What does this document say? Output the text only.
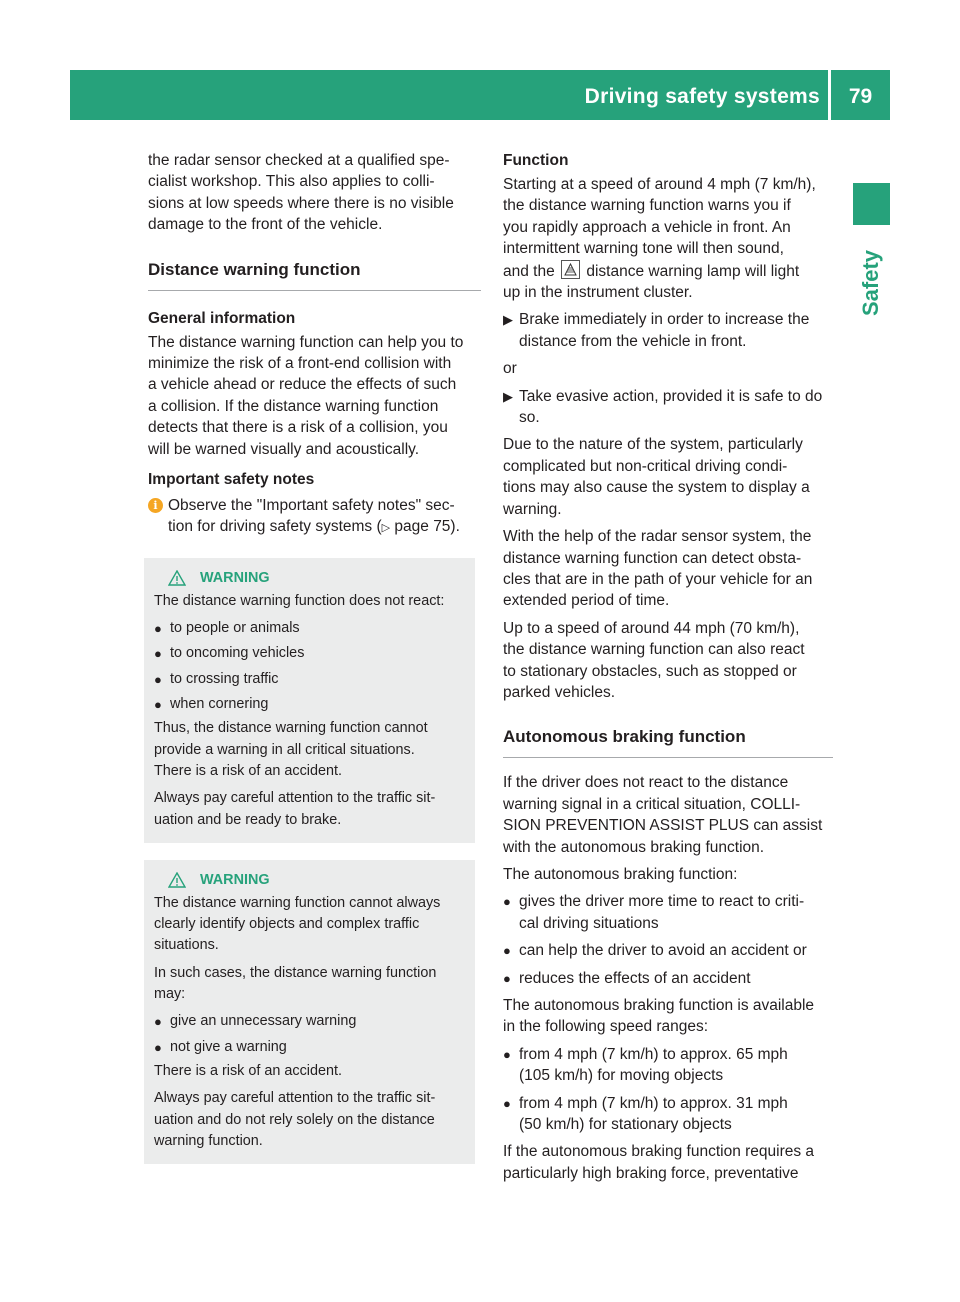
Driving safety systems	79
Safety

the radar sensor checked at a qualified spe-
cialist workshop. This also applies to colli-
sions at low speeds where there is no visible
damage to the front of the vehicle.

Distance warning function
General information

The distance warning function can help you to
minimize the risk of a front-end collision with
a vehicle ahead or reduce the effects of such
a collision. If the distance warning function
detects that there is a risk of a collision, you
will be warned visually and acoustically.

Important safety notes

i Observe the "Important safety notes" sec-
tion for driving safety systems (▷ page 75).

WARNING

The distance warning function does not react:

● to people or animals

● to oncoming vehicles

● to crossing traffic

● when cornering

Thus, the distance warning function cannot
provide a warning in all critical situations.
There is a risk of an accident.

Always pay careful attention to the traffic sit-
uation and be ready to brake.

WARNING

The distance warning function cannot always
clearly identify objects and complex traffic
situations.

In such cases, the distance warning function
may:

● give an unnecessary warning

● not give a warning

There is a risk of an accident.

Always pay careful attention to the traffic sit-
uation and do not rely solely on the distance
warning function.

Function

Starting at a speed of around 4 mph (7 km/h),
the distance warning function warns you if
you rapidly approach a vehicle in front. An
intermittent warning tone will then sound,
and the distance warning lamp will light
up in the instrument cluster.

▶ Brake immediately in order to increase the
distance from the vehicle in front.

or

▶ Take evasive action, provided it is safe to do
so.

Due to the nature of the system, particularly
complicated but non-critical driving condi-
tions may also cause the system to display a
warning.

With the help of the radar sensor system, the
distance warning function can detect obsta-
cles that are in the path of your vehicle for an
extended period of time.

Up to a speed of around 44 mph (70 km/h),
the distance warning function can also react
to stationary obstacles, such as stopped or
parked vehicles.

Autonomous braking function

If the driver does not react to the distance
warning signal in a critical situation, COLLI-
SION PREVENTION ASSIST PLUS can assist
with the autonomous braking function.

The autonomous braking function:

● gives the driver more time to react to criti-
cal driving situations

● can help the driver to avoid an accident or

● reduces the effects of an accident

The autonomous braking function is available
in the following speed ranges:

● from 4 mph (7 km/h) to approx. 65 mph
(105 km/h) for moving objects

● from 4 mph (7 km/h) to approx. 31 mph
(50 km/h) for stationary objects

If the autonomous braking function requires a
particularly high braking force, preventative
